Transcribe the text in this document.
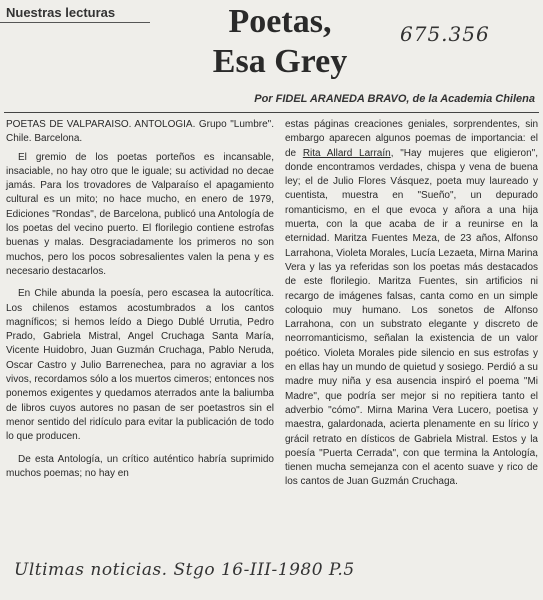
Nuestras lecturas	Poetas,
Esa Grey
675.356
Por FIDEL ARANEDA BRAVO, de la Academia Chilena

POETAS DE VALPARAISO. ANTOLOGIA. Grupo "Lumbre". Chile. Barcelona.

El gremio de los poetas porteños es incansable, insaciable, no hay otro que le iguale; su actividad no decae jamás. Para los trovadores de Valparaíso el apagamiento cultural es un mito; no hace mucho, en enero de 1979, Ediciones "Rondas", de Barcelona, publicó una Antología de los poetas del vecino puerto. El florilegio contiene estrofas buenas y malas. Desgraciadamente los primeros no son muchos, pero los pocos sobresalientes valen la pena y es necesario destacarlos.

En Chile abunda la poesía, pero escasea la autocrítica. Los chilenos estamos acostumbrados a los cantos magníficos; si hemos leído a Diego Dublé Urrutia, Pedro Prado, Gabriela Mistral, Angel Cruchaga Santa María, Vicente Huidobro, Juan Guzmán Cruchaga, Pablo Neruda, Oscar Castro y Julio Barrenechea, para no agraviar a los vivos, recordamos sólo a los muertos cimeros; entonces nos ponemos exigentes y quedamos aterrados ante la baliumba de libros cuyos autores no pasan de ser poetastros sin el menor sentido del ridículo para evitar la publicación de todo lo que producen.

De esta Antología, un crítico auténtico habría suprimido muchos poemas; no hay en

estas páginas creaciones geniales, sorprendentes, sin embargo aparecen algunos poemas de importancia: el de Rita Allard Larraín, "Hay mujeres que eligieron", donde encontramos verdades, chispa y vena de buena ley; el de Julio Flores Vásquez, poeta muy laureado y cuentista, muestra en "Sueño", un depurado romanticismo, en el que evoca y añora a una hija muerta, con la que acaba de ir a reunirse en la eternidad. Maritza Fuentes Meza, de 23 años, Alfonso Larrahona, Violeta Morales, Lucía Lezaeta, Mirna Marina Vera y las ya referidas son los poetas más destacados de este florilegio. Maritza Fuentes, sin artificios ni recargo de imágenes falsas, canta como en un simple coloquio muy humano. Los sonetos de Alfonso Larrahona, con un substrato elegante y discreto de neorromanticismo, señalan la existencia de un valor poético. Violeta Morales pide silencio en sus estrofas y en ellas hay un mundo de quietud y sosiego. Perdió a su madre muy niña y esa ausencia inspiró el poema "Mi Madre", que podría ser mejor si no repitiera tanto el adverbio "cómo". Mirna Marina Vera Lucero, poetisa y maestra, galardonada, acierta plenamente en su lírico y grácil retrato en dísticos de Gabriela Mistral. Estos y la poesía "Puerta Cerrada", con que termina la Antología, tienen mucha semejanza con el acento suave y rico de los cantos de Juan Guzmán Cruchaga.

Ultimas noticias. Stgo 16-III-1980 P.5
